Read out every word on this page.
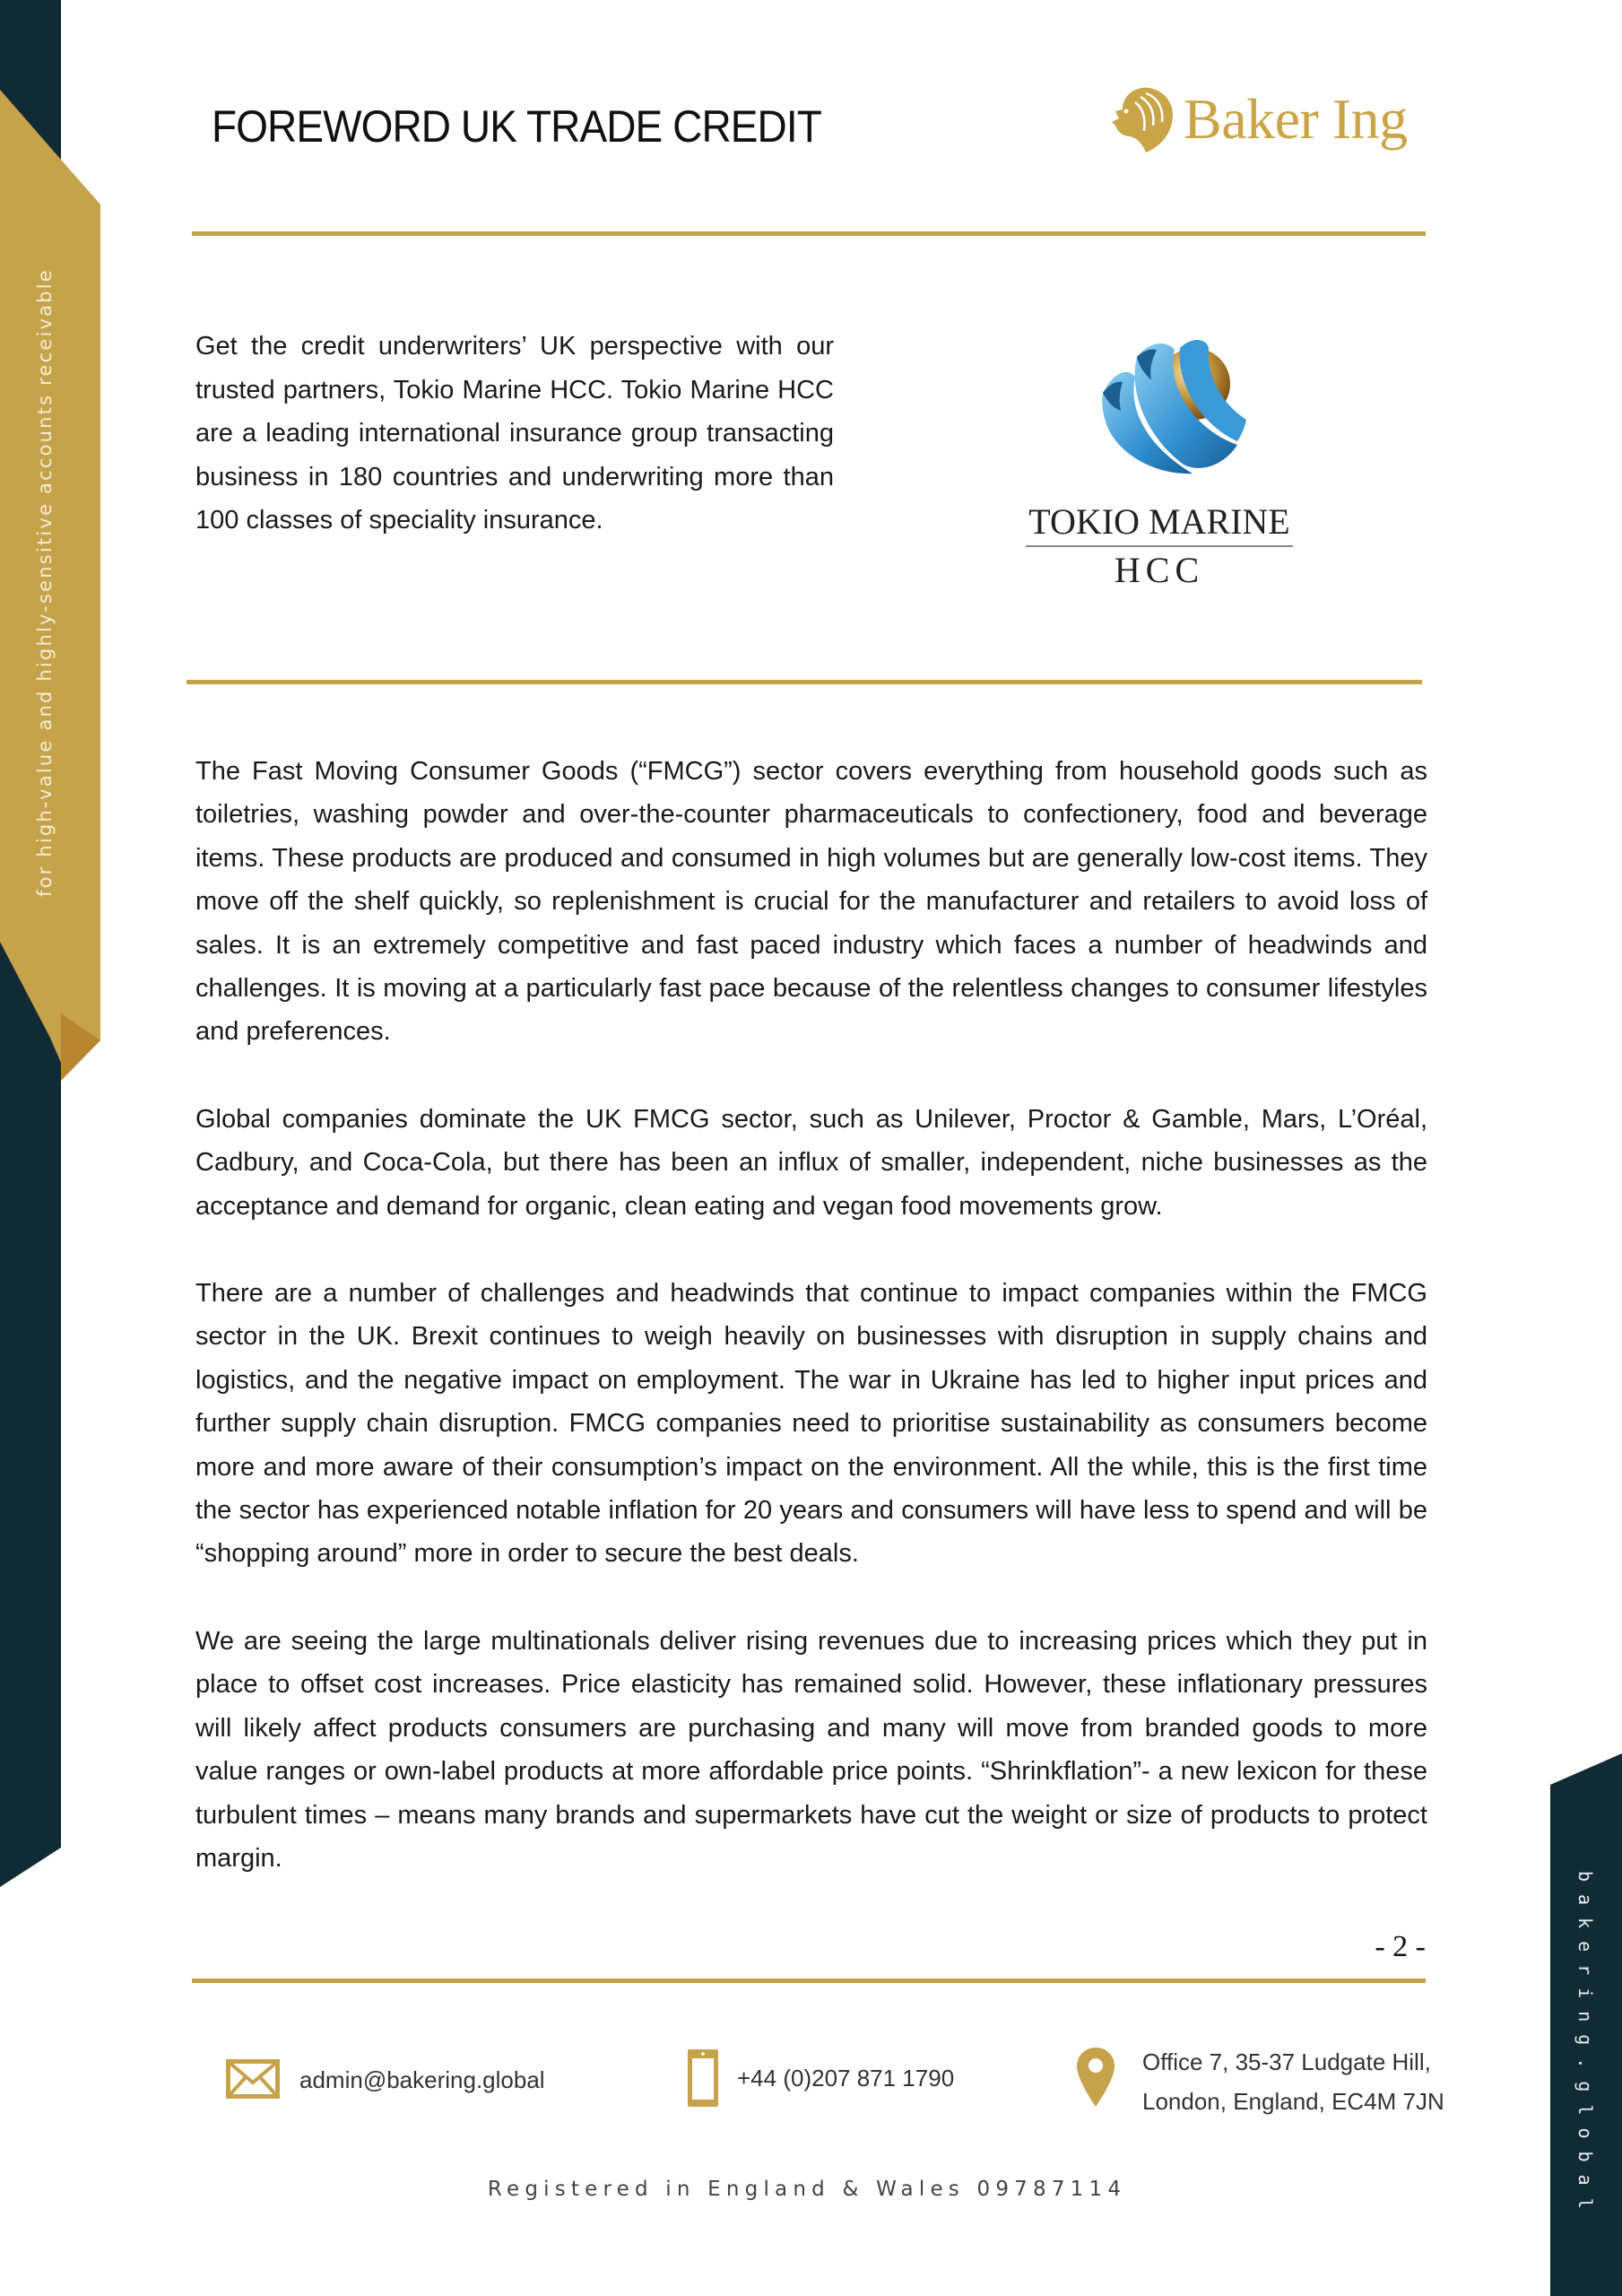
for high-value and highly-sensitive accounts receivable
bakering.global
FOREWORD UK TRADE CREDIT	Baker Ing
Get the credit underwriters’ UK perspective with our trusted partners, Tokio Marine HCC. Tokio Marine HCC are a leading international insurance group transacting business in 180 countries and underwriting more than 100 classes of speciality insurance.	TOKIO MARINE
HCC
The Fast Moving Consumer Goods (“FMCG”) sector covers everything from household goods such as toiletries, washing powder and over-the-counter pharmaceuticals to confectionery, food and beverage items. These products are produced and consumed in high volumes but are generally low-cost items. They move off the shelf quickly, so replenishment is crucial for the manufacturer and retailers to avoid loss of sales. It is an extremely competitive and fast paced industry which faces a number of headwinds and challenges. It is moving at a particularly fast pace because of the relentless changes to consumer lifestyles and preferences.
Global companies dominate the UK FMCG sector, such as Unilever, Proctor & Gamble, Mars, L’Oréal, Cadbury, and Coca-Cola, but there has been an influx of smaller, independent, niche businesses as the acceptance and demand for organic, clean eating and vegan food movements grow.
There are a number of challenges and headwinds that continue to impact companies within the FMCG sector in the UK. Brexit continues to weigh heavily on businesses with disruption in supply chains and logistics, and the negative impact on employment. The war in Ukraine has led to higher input prices and further supply chain disruption. FMCG companies need to prioritise sustainability as consumers become more and more aware of their consumption’s impact on the environment. All the while, this is the first time the sector has experienced notable inflation for 20 years and consumers will have less to spend and will be “shopping around” more in order to secure the best deals.
We are seeing the large multinationals deliver rising revenues due to increasing prices which they put in place to offset cost increases. Price elasticity has remained solid. However, these inflationary pressures will likely affect products consumers are purchasing and many will move from branded goods to more value ranges or own-label products at more affordable price points. “Shrinkflation”- a new lexicon for these turbulent times – means many brands and supermarkets have cut the weight or size of products to protect margin.
- 2 -
admin@bakering.global	+44 (0)207 871 1790
Office 7, 35-37 Ludgate Hill,
London, England, EC4M 7JN
Registered in England & Wales 09787114
